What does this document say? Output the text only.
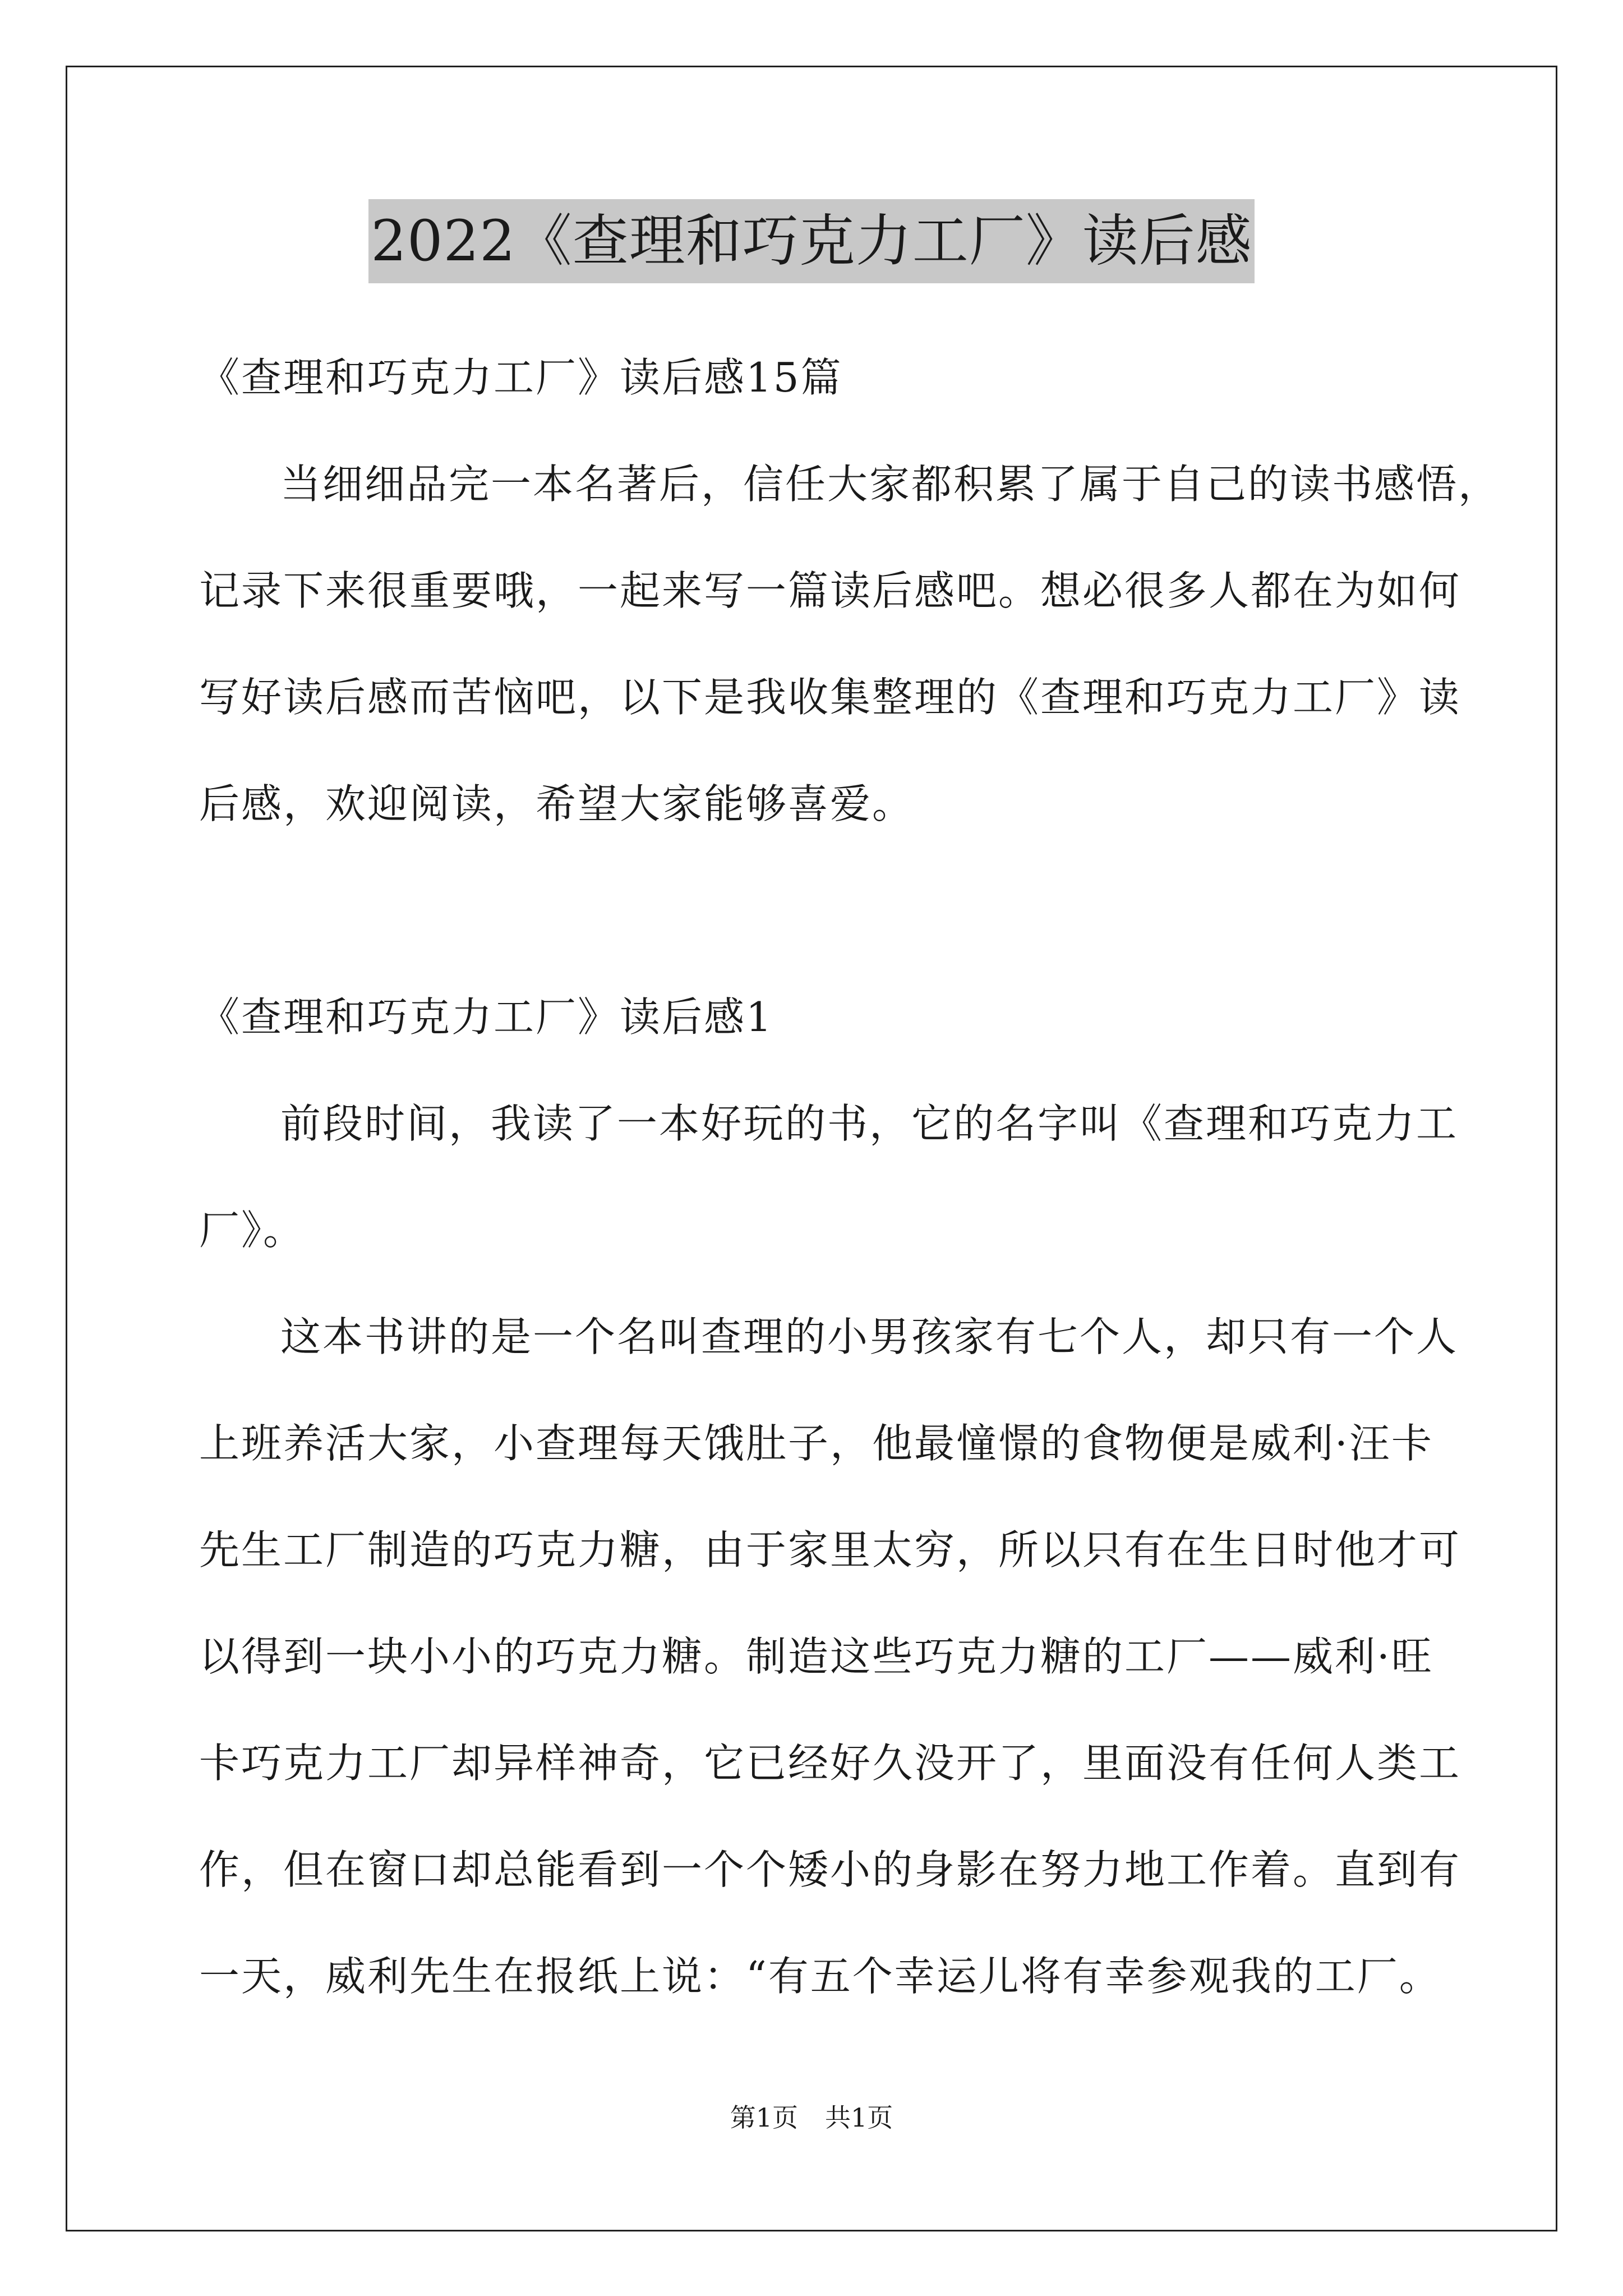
2022《查理和巧克力工厂》读后感
《查理和巧克力工厂》读后感15篇
当细细品完一本名著后，信任大家都积累了属于自己的读书感悟，
记录下来很重要哦，一起来写一篇读后感吧。想必很多人都在为如何
写好读后感而苦恼吧，以下是我收集整理的《查理和巧克力工厂》读
后感，欢迎阅读，希望大家能够喜爱。
《查理和巧克力工厂》读后感1
前段时间，我读了一本好玩的书，它的名字叫《查理和巧克力工
厂》。
这本书讲的是一个名叫查理的小男孩家有七个人，却只有一个人
上班养活大家，小查理每天饿肚子，他最憧憬的食物便是威利·汪卡
先生工厂制造的巧克力糖，由于家里太穷，所以只有在生日时他才可
以得到一块小小的巧克力糖。制造这些巧克力糖的工厂——威利·旺
卡巧克力工厂却异样神奇，它已经好久没开了，里面没有任何人类工
作，但在窗口却总能看到一个个矮小的身影在努力地工作着。直到有
一天，威利先生在报纸上说：“有五个幸运儿将有幸参观我的工厂。
第1页 共1页
